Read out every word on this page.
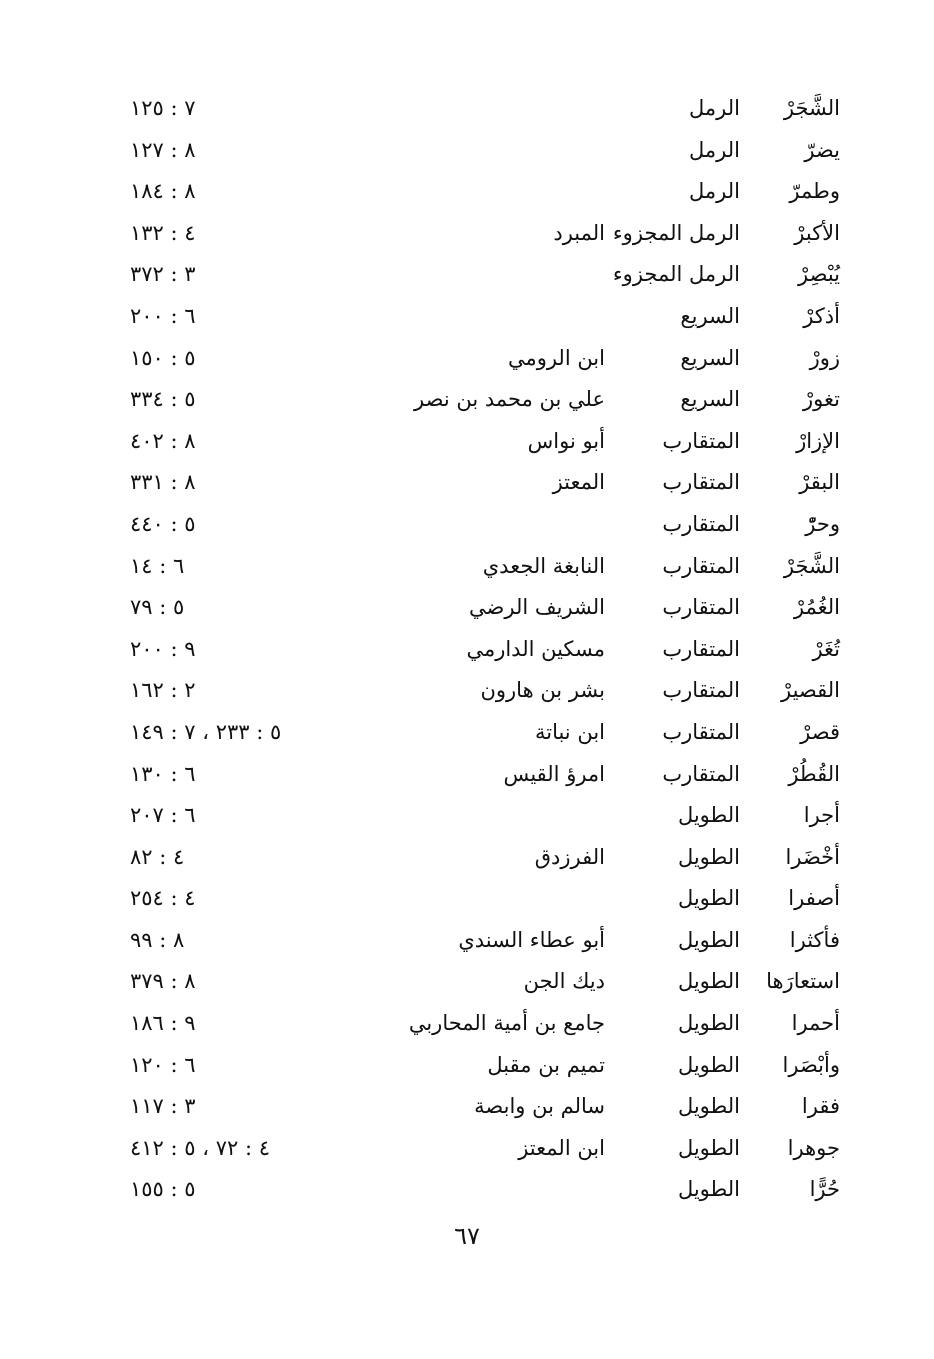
الشَّجَرْ
الرمل
٧ : ١٢٥
يضرّ
الرمل
٨ : ١٢٧
وطمرّ
الرمل
٨ : ١٨٤
الأكبرْ
الرمل المجزوء
المبرد
٤ : ١٣٢
يُبْصِرْ
الرمل المجزوء
٣ : ٣٧٢
أذكرْ
السريع
٦ : ٢٠٠
زورْ
السريع
ابن الرومي
٥ : ١٥٠
تغورْ
السريع
علي بن محمد بن نصر
٥ : ٣٣٤
الإزارْ
المتقارب
أبو نواس
٨ : ٤٠٢
البقرْ
المتقارب
المعتز
٨ : ٣٣١
وحرّْ
المتقارب
٥ : ٤٤٠
الشَّجَرْ
المتقارب
النابغة الجعدي
٦ : ١٤
الغُمُرْ
المتقارب
الشريف الرضي
٥ : ٧٩
تُغَرْ
المتقارب
مسكين الدارمي
٩ : ٢٠٠
القصيرْ
المتقارب
بشر بن هارون
٢ : ١٦٢
قصرْ
المتقارب
ابن نباتة
٥ : ٢٣٣ ، ٧ : ١٤٩
القُطُرْ
المتقارب
امرؤ القيس
٦ : ١٣٠
أجرا
الطويل
٦ : ٢٠٧
أخْضَرا
الطويل
الفرزدق
٤ : ٨٢
أصفرا
الطويل
٤ : ٢٥٤
فأكثرا
الطويل
أبو عطاء السندي
٨ : ٩٩
استعارَها
الطويل
ديك الجن
٨ : ٣٧٩
أحمرا
الطويل
جامع بن أمية المحاربي
٩ : ١٨٦
وأبْصَرا
الطويل
تميم بن مقبل
٦ : ١٢٠
فقرا
الطويل
سالم بن وابصة
٣ : ١١٧
جوهرا
الطويل
ابن المعتز
٤ : ٧٢ ، ٥ : ٤١٢
حُرًّا
الطويل
٥ : ١٥٥
٦٧
